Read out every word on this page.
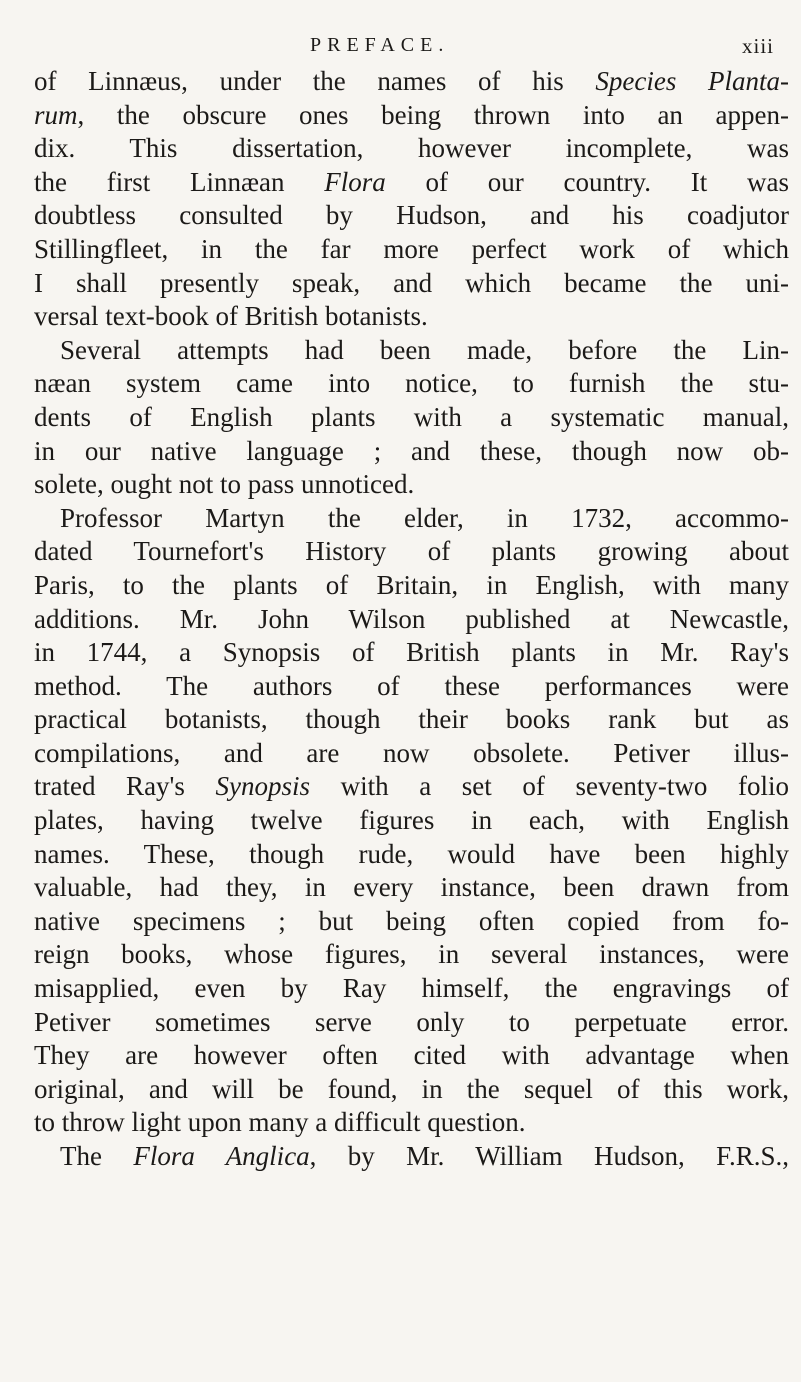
PREFACE.	xiii
of Linnæus, under the names of his Species Planta-
rum, the obscure ones being thrown into an appen-
dix. This dissertation, however incomplete, was
the first Linnæan Flora of our country. It was
doubtless consulted by Hudson, and his coadjutor
Stillingfleet, in the far more perfect work of which
I shall presently speak, and which became the uni-
versal text-book of British botanists.
Several attempts had been made, before the Lin-
næan system came into notice, to furnish the stu-
dents of English plants with a systematic manual,
in our native language ; and these, though now ob-
solete, ought not to pass unnoticed.
Professor Martyn the elder, in 1732, accommo-
dated Tournefort's History of plants growing about
Paris, to the plants of Britain, in English, with many
additions. Mr. John Wilson published at Newcastle,
in 1744, a Synopsis of British plants in Mr. Ray's
method. The authors of these performances were
practical botanists, though their books rank but as
compilations, and are now obsolete. Petiver illus-
trated Ray's Synopsis with a set of seventy-two folio
plates, having twelve figures in each, with English
names. These, though rude, would have been highly
valuable, had they, in every instance, been drawn from
native specimens ; but being often copied from fo-
reign books, whose figures, in several instances, were
misapplied, even by Ray himself, the engravings of
Petiver sometimes serve only to perpetuate error.
They are however often cited with advantage when
original, and will be found, in the sequel of this work,
to throw light upon many a difficult question.
The Flora Anglica, by Mr. William Hudson, F.R.S.,
